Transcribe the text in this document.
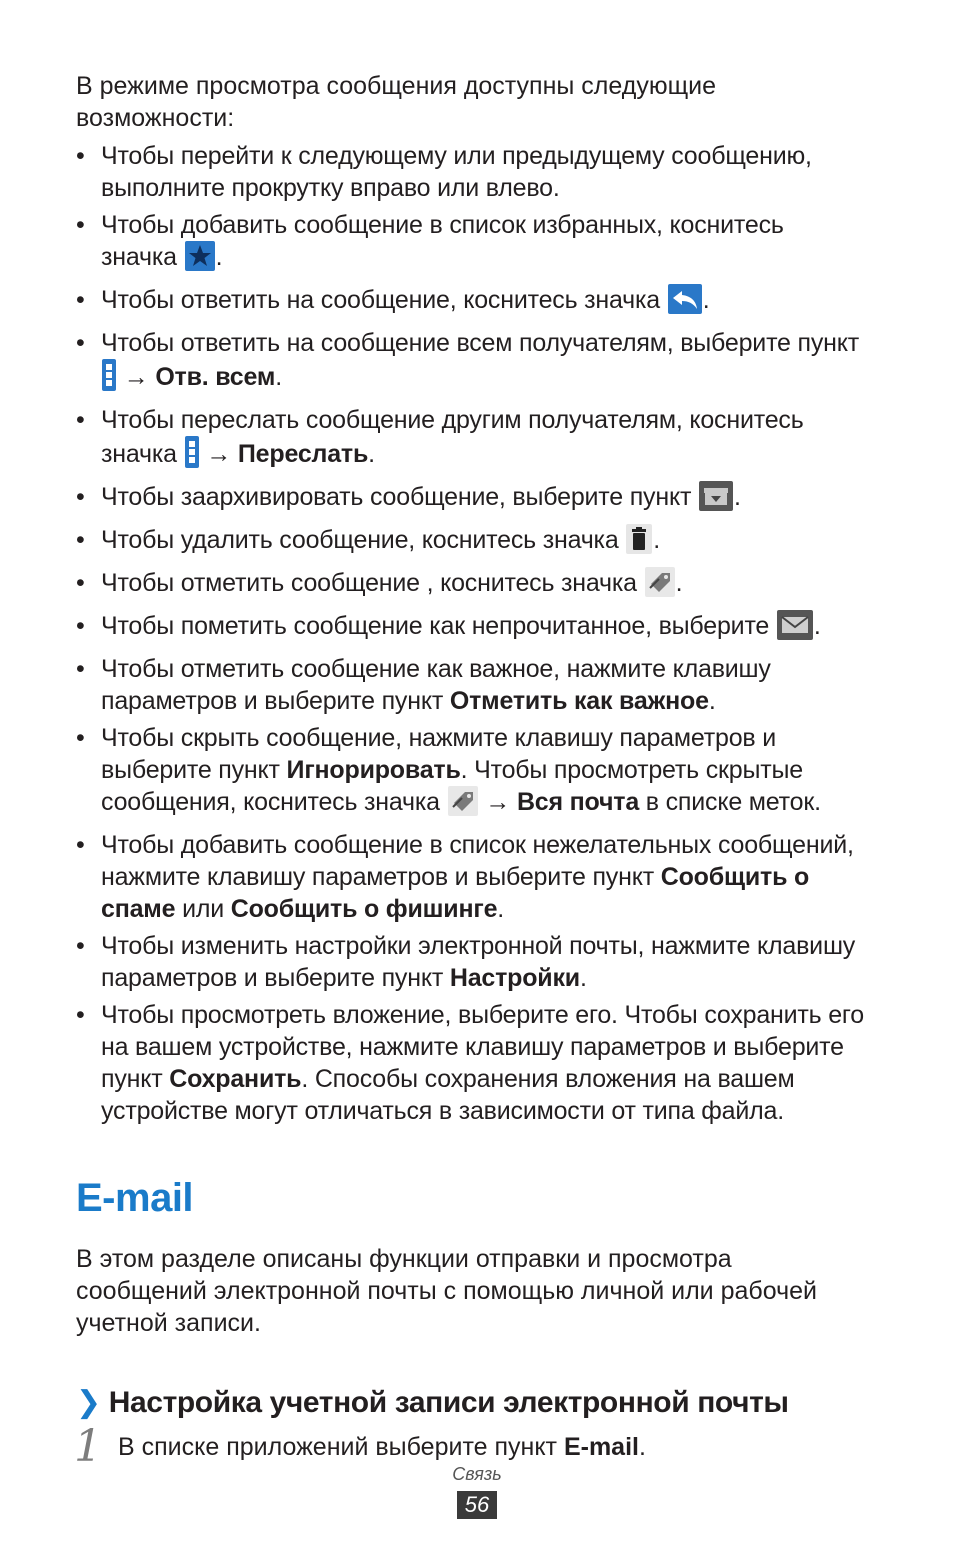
В режиме просмотра сообщения доступны следующие возможности:

• Чтобы перейти к следующему или предыдущему сообщению, выполните прокрутку вправо или влево.
• Чтобы добавить сообщение в список избранных, коснитесь значка .
• Чтобы ответить на сообщение, коснитесь значка .
• Чтобы ответить на сообщение всем получателям, выберите пункт  → Отв. всем.
• Чтобы переслать сообщение другим получателям, коснитесь значка → Переслать.
• Чтобы заархивировать сообщение, выберите пункт .
• Чтобы удалить сообщение, коснитесь значка .
• Чтобы отметить сообщение , коснитесь значка .
• Чтобы пометить сообщение как непрочитанное, выберите .
• Чтобы отметить сообщение как важное, нажмите клавишу параметров и выберите пункт Отметить как важное.
• Чтобы скрыть сообщение, нажмите клавишу параметров и выберите пункт Игнорировать. Чтобы просмотреть скрытые сообщения, коснитесь значка → Вся почта в списке меток.
• Чтобы добавить сообщение в список нежелательных сообщений, нажмите клавишу параметров и выберите пункт Сообщить о спаме или Сообщить о фишинге.
• Чтобы изменить настройки электронной почты, нажмите клавишу параметров и выберите пункт Настройки.
• Чтобы просмотреть вложение, выберите его. Чтобы сохранить его на вашем устройстве, нажмите клавишу параметров и выберите пункт Сохранить. Способы сохранения вложения на вашем устройстве могут отличаться в зависимости от типа файла.
E-mail

В этом разделе описаны функции отправки и просмотра сообщений электронной почты с помощью личной или рабочей учетной записи.

❯ Настройка учетной записи электронной почты
1 В списке приложений выберите пункт E-mail.
Связь
56
